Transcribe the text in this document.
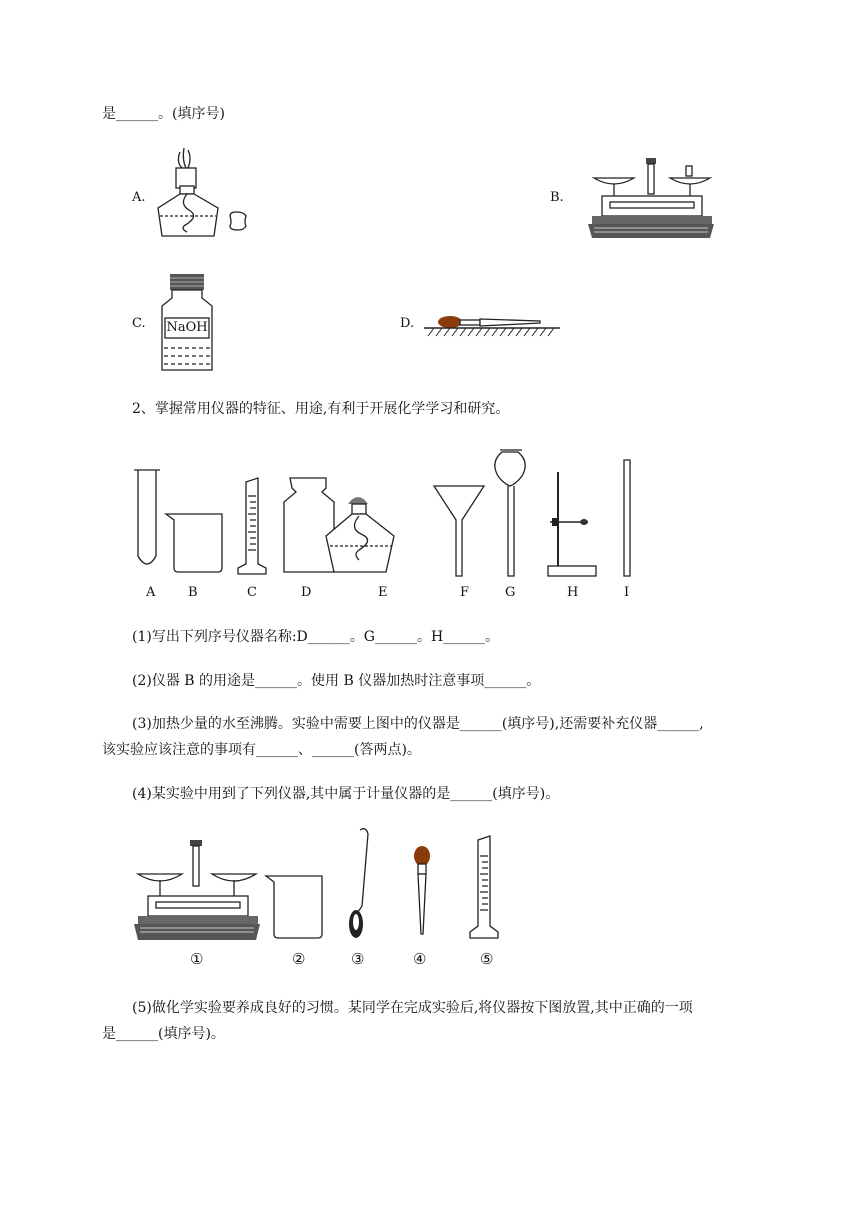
是______。(填序号)
A.	B.
C. NaOH	D.
2、掌握常用仪器的特征、用途,有利于开展化学学习和研究。
A	B	C	D	E	F	G	H	I
(1)写出下列序号仪器名称:D______。G______。H______。
(2)仪器 B 的用途是______。使用 B 仪器加热时注意事项______。
(3)加热少量的水至沸腾。实验中需要上图中的仪器是______(填序号),还需要补充仪器______,
该实验应该注意的事项有______、______(答两点)。
(4)某实验中用到了下列仪器,其中属于计量仪器的是______(填序号)。
①	②	③	④	⑤
(5)做化学实验要养成良好的习惯。某同学在完成实验后,将仪器按下图放置,其中正确的一项
是______(填序号)。
